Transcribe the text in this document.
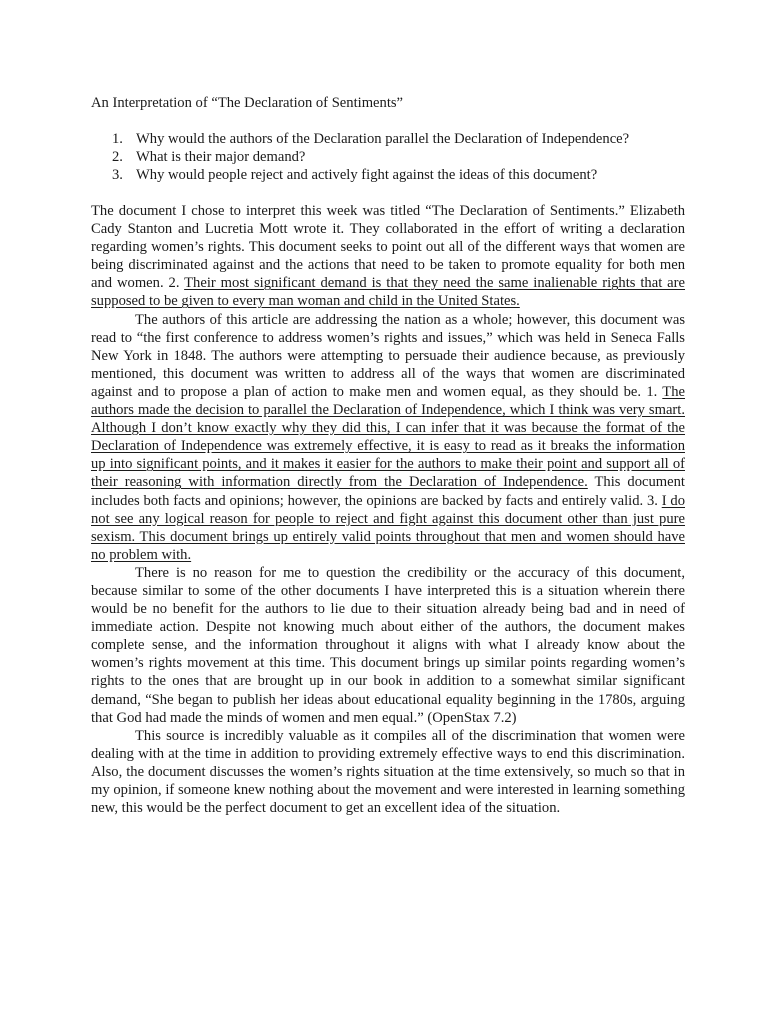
An Interpretation of “The Declaration of Sentiments”

1. Why would the authors of the Declaration parallel the Declaration of Independence?
2. What is their major demand?
3. Why would people reject and actively fight against the ideas of this document?

The document I chose to interpret this week was titled “The Declaration of Sentiments.” Elizabeth Cady Stanton and Lucretia Mott wrote it. They collaborated in the effort of writing a declaration regarding women’s rights. This document seeks to point out all of the different ways that women are being discriminated against and the actions that need to be taken to promote equality for both men and women. 2. Their most significant demand is that they need the same inalienable rights that are supposed to be given to every man woman and child in the United States.

The authors of this article are addressing the nation as a whole; however, this document was read to “the first conference to address women’s rights and issues,” which was held in Seneca Falls New York in 1848. The authors were attempting to persuade their audience because, as previously mentioned, this document was written to address all of the ways that women are discriminated against and to propose a plan of action to make men and women equal, as they should be. 1. The authors made the decision to parallel the Declaration of Independence, which I think was very smart. Although I don’t know exactly why they did this, I can infer that it was because the format of the Declaration of Independence was extremely effective, it is easy to read as it breaks the information up into significant points, and it makes it easier for the authors to make their point and support all of their reasoning with information directly from the Declaration of Independence. This document includes both facts and opinions; however, the opinions are backed by facts and entirely valid. 3. I do not see any logical reason for people to reject and fight against this document other than just pure sexism. This document brings up entirely valid points throughout that men and women should have no problem with.

There is no reason for me to question the credibility or the accuracy of this document, because similar to some of the other documents I have interpreted this is a situation wherein there would be no benefit for the authors to lie due to their situation already being bad and in need of immediate action. Despite not knowing much about either of the authors, the document makes complete sense, and the information throughout it aligns with what I already know about the women’s rights movement at this time. This document brings up similar points regarding women’s rights to the ones that are brought up in our book in addition to a somewhat similar significant demand, “She began to publish her ideas about educational equality beginning in the 1780s, arguing that God had made the minds of women and men equal.” (OpenStax 7.2)

This source is incredibly valuable as it compiles all of the discrimination that women were dealing with at the time in addition to providing extremely effective ways to end this discrimination. Also, the document discusses the women’s rights situation at the time extensively, so much so that in my opinion, if someone knew nothing about the movement and were interested in learning something new, this would be the perfect document to get an excellent idea of the situation.
